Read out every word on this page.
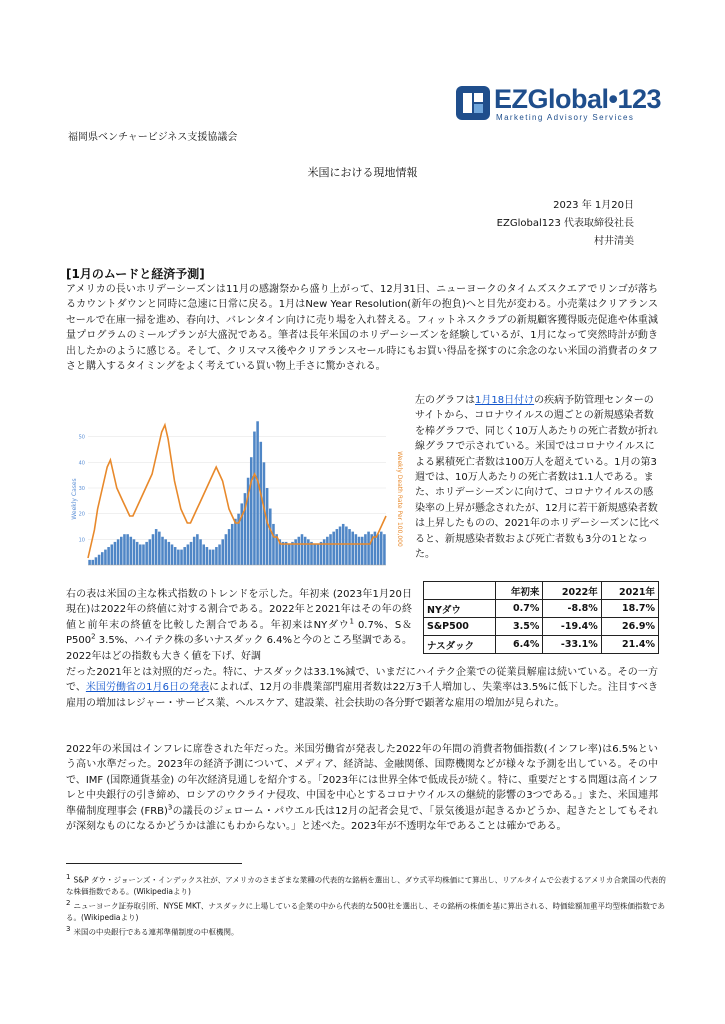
EZGlobal•123
Marketing Advisory Services
福岡県ベンチャービジネス支援協議会
米国における現地情報
2023 年 1月20日
EZGlobal123 代表取締役社長
村井清美
[1月のムードと経済予測]
アメリカの長いホリデーシーズンは11月の感謝祭から盛り上がって、12月31日、ニューヨークのタイムズスクエアでリンゴが落ちるカウントダウンと同時に急速に日常に戻る。1月はNew Year Resolution(新年の抱負)へと目先が変わる。小売業はクリアランスセールで在庫一掃を進め、春向け、バレンタイン向けに売り場を入れ替える。フィットネスクラブの新規顧客獲得販売促進や体重減量プログラムのミールプランが大盛況である。筆者は長年米国のホリデーシーズンを経験しているが、1月になって突然時計が動き出したかのように感じる。そして、クリスマス後やクリアランスセール時にもお買い得品を探すのに余念のない米国の消費者のタフさと購入するタイミングをよく考えている買い物上手さに驚かされる。
Weekly Cases	Weekly Death Rate Per 100,000
50
40
30
20
10
左のグラフは1月18日付けの疾病予防管理センターのサイトから、コロナウイルスの週ごとの新規感染者数を棒グラフで、同じく10万人あたりの死亡者数が折れ線グラフで示されている。米国ではコロナウイルスによる累積死亡者数は100万人を超えている。1月の第3週では、10万人あたりの死亡者数は1.1人である。また、ホリデーシーズンに向けて、コロナウイルスの感染率の上昇が懸念されたが、12月に若干新規感染者数は上昇したものの、2021年のホリデーシーズンに比べると、新規感染者数および死亡者数も3分の1となった。
右の表は米国の主な株式指数のトレンドを示した。年初来 (2023年1月20日現在)は2022年の終値に対する割合である。2022年と2021年はその年の終値と前年末の終値を比較した割合である。年初来はNYダウ$^1$ 0.7%、S＆$P500^2$ 3.5%、ハイテク株の多いナスダック 6.4%と今のところ堅調である。2022年はどの指数も大きく値を下げ、好調
	年初来	2022年	2021年
NYダウ	0.7%	-8.8%	18.7%
S&P500	3.5%	-19.4%	26.9%
ナスダック	6.4%	-33.1%	21.4%
だった2021年とは対照的だった。特に、ナスダックは33.1%減で、いまだにハイテク企業での従業員解雇は続いている。その一方で、米国労働省の1月6日の発表によれば、12月の非農業部門雇用者数は22万3千人増加し、失業率は3.5%に低下した。注目すべき雇用の増加はレジャー・サービス業、ヘルスケア、建設業、社会扶助の各分野で顕著な雇用の増加が見られた。
2022年の米国はインフレに席巻された年だった。米国労働省が発表した2022年の年間の消費者物価指数(インフレ率)は6.5%という高い水準だった。2023年の経済予測について、メディア、経済誌、金融関係、国際機関などが様々な予測を出している。その中で、IMF (国際通貨基金) の年次経済見通しを紹介する。「2023年には世界全体で低成長が続く。特に、重要だとする問題は高インフレと中央銀行の引き締め、ロシアのウクライナ侵攻、中国を中心とするコロナウイルスの継続的影響の3つである。」また、米国連邦準備制度理事会 (FRB)$^3$の議長のジェローム・パウエル氏は12月の記者会見で、「景気後退が起きるかどうか、起きたとしてもそれが深刻なものになるかどうかは誰にもわからない。」と述べた。2023年が不透明な年であることは確かである。
1 S&P ダウ・ジョーンズ・インデックス社が、アメリカのさまざまな業種の代表的な銘柄を選出し、ダウ式平均株価にて算出し、リアルタイムで公表するアメリカ合衆国の代表的な株価指数である。(Wikipediaより)
2 ニューヨーク証券取引所、NYSE MKT、ナスダックに上場している企業の中から代表的な500社を選出し、その銘柄の株価を基に算出される、時価総額加重平均型株価指数である。(Wikipediaより)
3 米国の中央銀行である連邦準備制度の中枢機関。
